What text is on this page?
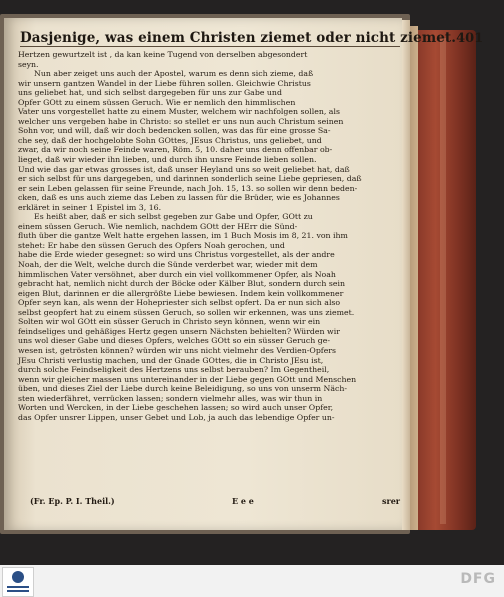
Dasjenige, was einem Christen ziemet oder nicht ziemet. 401
Hertzen gewurtzelt ist , da kan keine Tugend von derselben abgesondert
seyn.
Nun aber zeiget uns auch der Apostel, warum es denn sich zieme, daß
wir unsern gantzen Wandel in der Liebe führen sollen. Gleichwie Christus
uns geliebet hat, und sich selbst dargegeben für uns zur Gabe und
Opfer GOtt zu einem süssen Geruch. Wie er nemlich den himmlischen
Vater uns vorgestellet hatte zu einem Muster, welchem wir nachfolgen sollen, als
welcher uns vergeben habe in Christo: so stellet er uns nun auch Christum seinen
Sohn vor, und will, daß wir doch bedencken sollen, was das für eine grosse Sa-
che sey, daß der hochgelobte Sohn GOttes, JEsus Christus, uns geliebet, und
zwar, da wir noch seine Feinde waren, Röm. 5, 10. daher uns denn offenbar ob-
lieget, daß wir wieder ihn lieben, und durch ihn unsre Feinde lieben sollen.
Und wie das gar etwas grosses ist, daß unser Heyland uns so weit geliebet hat, daß
er sich selbst für uns dargegeben, und darinnen sonderlich seine Liebe gepriesen, daß
er sein Leben gelassen für seine Freunde, nach Joh. 15, 13. so sollen wir denn beden-
cken, daß es uns auch zieme das Leben zu lassen für die Brüder, wie es Johannes
erkläret in seiner 1 Epistel im 3, 16.
Es heißt aber, daß er sich selbst gegeben zur Gabe und Opfer, GOtt zu
einem süssen Geruch. Wie nemlich, nachdem GOtt der HErr die Sünd-
fluth über die gantze Welt hatte ergehen lassen, im 1 Buch Mosis im 8, 21. von ihm
stehet: Er habe den süssen Geruch des Opfers Noah gerochen, und
habe die Erde wieder gesegnet: so wird uns Christus vorgestellet, als der andre
Noah, der die Welt, welche durch die Sünde verderbet war, wieder mit dem
himmlischen Vater versöhnet, aber durch ein viel vollkommener Opfer, als Noah
gebracht hat, nemlich nicht durch der Böcke oder Kälber Blut, sondern durch sein
eigen Blut, darinnen er die allergrößte Liebe bewiesen. Indem kein vollkommener
Opfer seyn kan, als wenn der Hohepriester sich selbst opfert. Da er nun sich also
selbst geopfert hat zu einem süssen Geruch, so sollen wir erkennen, was uns ziemet.
Solten wir wol GOtt ein süsser Geruch in Christo seyn können, wenn wir ein
feindseliges und gehäßiges Hertz gegen unsern Nächsten behielten? Würden wir
uns wol dieser Gabe und dieses Opfers, welches GOtt so ein süsser Geruch ge-
wesen ist, getrösten können? würden wir uns nicht vielmehr des Verdien-Opfers
JEsu Christi verlustig machen, und der Gnade GOttes, die in Christo JEsu ist,
durch solche Feindseligkeit des Hertzens uns selbst berauben? Im Gegentheil,
wenn wir gleicher massen uns untereinander in der Liebe gegen GOtt und Menschen
üben, und dieses Ziel der Liebe durch keine Beleidigung, so uns von unserm Näch-
sten wiederfähret, verrücken lassen; sondern vielmehr alles, was wir thun in
Worten und Wercken, in der Liebe geschehen lassen; so wird auch unser Opfer,
das Opfer unsrer Lippen, unser Gebet und Lob, ja auch das lebendige Opfer un-
(Fr. Ep. P. I. Theil.)	E e e	srer
DFG
